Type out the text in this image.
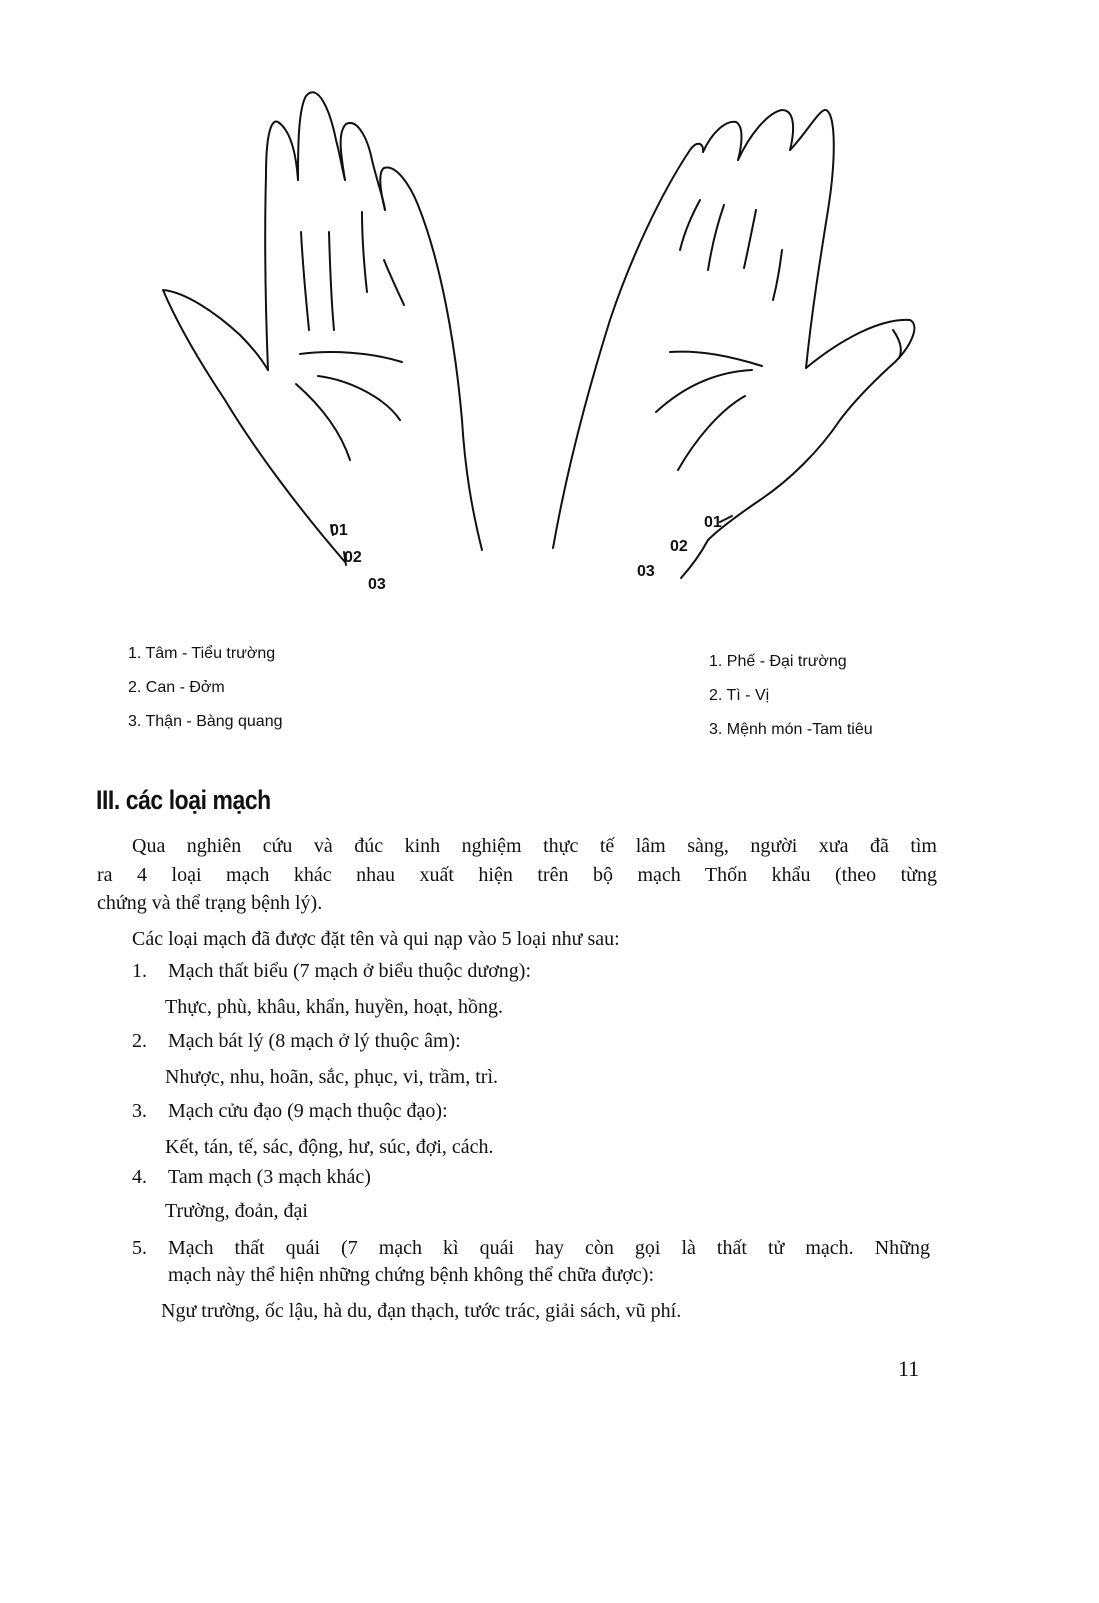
01
02
03
01
02
03
1. Tâm - Tiểu trường
2. Can - Đởm
3. Thận - Bàng quang
1. Phế - Đại trường
2. Tì - Vị
3. Mệnh món -Tam tiêu
III. các loại mạch
Qua nghiên cứu và đúc kinh nghiệm thực tế lâm sàng, người xưa đã tìm
ra 4 loại mạch khác nhau xuất hiện trên bộ mạch Thốn khẩu (theo từng
chứng và thể trạng bệnh lý).
Các loại mạch đã được đặt tên và qui nạp vào 5 loại như sau:
1. Mạch thất biểu (7 mạch ở biểu thuộc dương):
Thực, phù, khâu, khẩn, huyền, hoạt, hồng.
2. Mạch bát lý (8 mạch ở lý thuộc âm):
Nhược, nhu, hoãn, sắc, phục, vi, trầm, trì.
3. Mạch cửu đạo (9 mạch thuộc đạo):
Kết, tán, tế, sác, động, hư, súc, đợi, cách.
4. Tam mạch (3 mạch khác)
Trường, đoản, đại
5. Mạch thất quái (7 mạch kì quái hay còn gọi là thất tử mạch. Những
mạch này thể hiện những chứng bệnh không thể chữa được):
Ngư trường, ốc lậu, hà du, đạn thạch, tước trác, giải sách, vũ phí.
11
